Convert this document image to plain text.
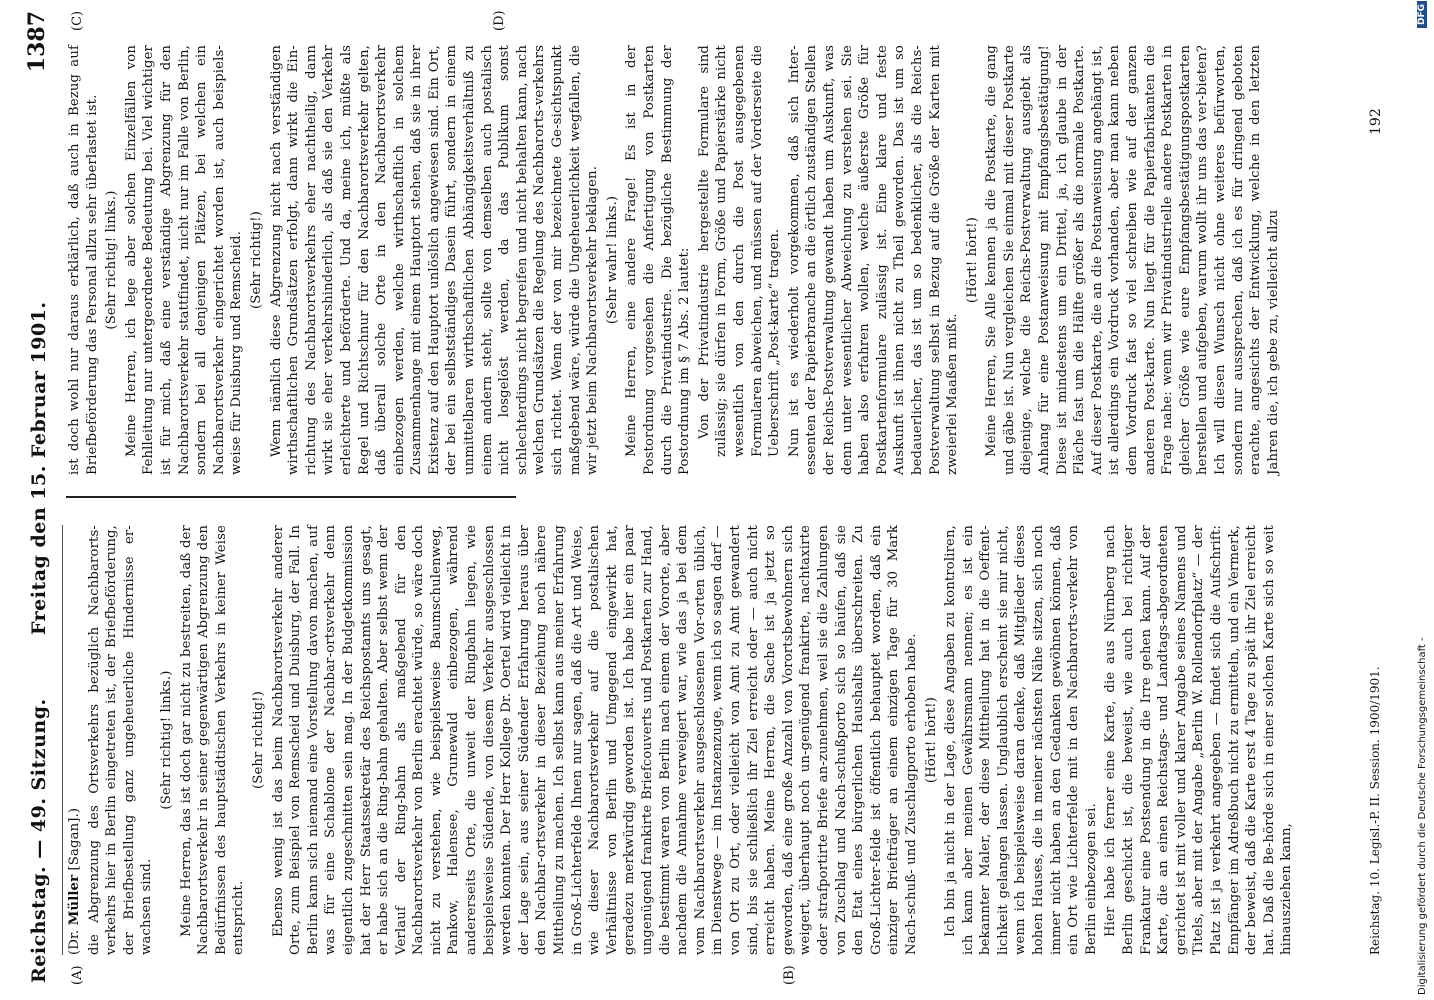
Reichstag. — 49. Sitzung.
Freitag den 15. Februar 1901.
1387
(A)	(B)
(C)	(D)

(Dr. Müller [Sagan].) die Abgrenzung des Ortsverkehrs bezüglich Nachbarorts-verkehrs hier in Berlin eingetreten ist, der Briefbeförderung, der Briefbestellung ganz ungeheuerliche Hindernisse er-wachsen sind.

(Sehr richtig! links.) Meine Herren, das ist doch gar nicht zu bestreiten, daß der Nachbarortsverkehr in seiner gegenwärtigen Abgrenzung den Bedürfnissen des hauptstädtischen Verkehrs in keiner Weise entspricht.

(Sehr richtig!) Ebenso wenig ist das beim Nachbarortsverkehr anderer Orte, zum Beispiel von Remscheid und Duisburg, der Fall. In Berlin kann sich niemand eine Vorstellung davon machen, auf was für eine Schablone der Nachbar-ortsverkehr denn eigentlich zugeschnitten sein mag. In der Budgetkommission hat der Herr Staatssekretär des Reichspostamts uns gesagt, er habe sich an die Ring-bahn gehalten. Aber selbst wenn der Verlauf der Ring-bahn als maßgebend für den Nachbarortsverkehr von Berlin erachtet würde, so wäre doch nicht zu verstehen, wie beispielsweise Baumschulenweg, Pankow, Halensee, Grunewald einbezogen, während andererseits Orte, die unweit der Ringbahn liegen, wie beispielsweise Südende, von diesem Verkehr ausgeschlossen werden konnten. Der Herr Kollege Dr. Oertel wird vielleicht in der Lage sein, aus seiner Südender Erfahrung heraus über den Nachbar-ortsverkehr in dieser Beziehung noch nähere Mittheilung zu machen. Ich selbst kann aus meiner Erfahrung in Groß-Lichterfelde Ihnen nur sagen, daß die Art und Weise, wie dieser Nachbarortsverkehr auf die postalischen Verhältnisse von Berlin und Umgegend eingewirkt hat, geradezu merkwürdig geworden ist. Ich habe hier ein paar ungenügend frankirte Briefcouverts und Postkarten zur Hand, die bestimmt waren von Berlin nach einem der Vororte, aber nachdem die Annahme verweigert war, wie das ja bei dem vom Nachbarortsverkehr ausgeschlossenen Vor-orten üblich, im Dienstwege — im Instanzenzuge, wenn ich so sagen darf — von Ort zu Ort, oder vielleicht von Amt zu Amt gewandert sind, bis sie schließlich ihr Ziel erreicht oder — auch nicht erreicht haben. Meine Herren, die Sache ist ja jetzt so geworden, daß eine große Anzahl von Vorortsbewohnern sich weigert, überhaupt noch un-genügend frankirte, nachtaxirte oder strafportirte Briefe an-zunehmen, weil sie die Zahlungen von Zuschlag und Nach-schußporto sich so häufen, daß sie den Etat eines bürgerlichen Haushalts überschreiten. Zu Groß-Lichter-felde ist öffentlich behauptet worden, daß ein einziger Briefträger an einem einzigen Tage für 30 Mark Nach-schuß- und Zuschlagporto erhoben habe. (Hört! hört!) Ich bin ja nicht in der Lage, diese Angaben zu kontroliren, ich kann aber meinen Gewährsmann nennen; es ist ein bekannter Maler, der diese Mittheilung hat in die Oeffent-lichkeit gelangen lassen. Unglaublich erscheint sie mir nicht, wenn ich beispielsweise daran denke, daß Mitglieder dieses hohen Hauses, die in meiner nächsten Nähe sitzen, sich noch immer nicht haben an den Gedanken gewöhnen können, daß ein Ort wie Lichterfelde mit in den Nachbarorts-verkehr von Berlin einbezogen sei. Hier habe ich ferner eine Karte, die aus Nürnberg nach Berlin geschickt ist, die beweist, wie auch bei richtiger Frankatur eine Postsendung in die Irre gehen kann. Auf der Karte, die an einen Reichstags- und Landtags-abgeordneten gerichtet ist mit voller und klarer Angabe seines Namens und Titels, aber mit der Angabe „Berlin W. Rollendorfplatz“ — der Platz ist ja verkehrt angegeben — findet sich die Aufschrift: Empfänger im Adreßbuch nicht zu ermitteln, und ein Vermerk, der beweist, daß die Karte erst 4 Tage zu spät ihr Ziel erreicht hat. Daß die Be-hörde sich in einer solchen Karte sich so weit hinausziehen kann,

ist doch wohl nur daraus erklärlich, daß auch in Bezug auf Briefbeförderung das Personal allzu sehr überlastet ist. (Sehr richtig! links.) Meine Herren, ich lege aber solchen Einzelfällen von Fehlleitung nur untergeordnete Bedeutung bei. Viel wichtiger ist für mich, daß eine verständige Abgrenzung für den Nachbarortsverkehr stattfindet, nicht nur im Falle von Berlin, sondern bei all denjenigen Plätzen, bei welchen ein Nachbarortsverkehr eingerichtet worden ist, auch beispiels-weise für Duisburg und Remscheid. (Sehr richtig!) Wenn nämlich diese Abgrenzung nicht nach verständigen wirthschaftlichen Grundsätzen erfolgt, dann wirkt die Ein-richtung des Nachbarortsverkehrs eher nachtheilig, dann wirkt sie eher verkehrshinderlich, als daß sie den Verkehr erleichterte und beförderte. Und da, meine ich, müßte als Regel und Richtschnur für den Nachbarortsverkehr gelten, daß überall solche Orte in den Nachbarortsverkehr einbezogen werden, welche wirthschaftlich in solchem Zusammenhange mit einem Hauptort stehen, daß sie in ihrer Existenz auf den Hauptort unlöslich angewiesen sind. Ein Ort, der bei ein selbstständiges Dasein führt, sondern in einem unmittelbaren wirthschaftlichen Abhängigkeitsverhältniß zu einem andern steht, sollte von demselben auch postalisch nicht losgelöst werden, da das Publikum sonst schlechterdings nicht begreifen und nicht behalten kann, nach welchen Grundsätzen die Regelung des Nachbarorts-verkehrs sich richtet. Wenn der von mir bezeichnete Ge-sichtspunkt maßgebend wäre, würde die Ungeheuerlichkeit wegfallen, die wir jetzt beim Nachbarortsverkehr beklagen. (Sehr wahr! links.) Meine Herren, eine andere Frage! Es ist in der Postordnung vorgesehen die Anfertigung von Postkarten durch die Privatindustrie. Die bezügliche Bestimmung der Postordnung im § 7 Abs. 2 lautet: Von der Privatindustrie hergestellte Formulare sind zulässig; sie dürfen in Form, Größe und Papierstärke nicht wesentlich von den durch die Post ausgegebenen Formularen abweichen, und müssen auf der Vorderseite die Ueberschrift „Post-karte“ tragen. Nun ist es wiederholt vorgekommen, daß sich Inter-essenten der Papierbranche an die örtlich zuständigen Stellen der Reichs-Postverwaltung gewandt haben um Auskunft, was denn unter wesentlicher Abweichung zu verstehen sei. Sie haben also erfahren wollen, welche äußerste Größe für Postkartenformulare zulässig ist. Eine klare und feste Auskunft ist ihnen nicht zu Theil geworden. Das ist um so bedauerlicher, das ist um so bedenklicher, als die Reichs-Postverwaltung selbst in Bezug auf die Größe der Karten mit zweierlei Maaßen mißt.

(Hört! hört!) Meine Herren, Sie Alle kennen ja die Postkarte, die gang und gäbe ist. Nun vergleichen Sie einmal mit dieser Postkarte diejenige, welche die Reichs-Postverwaltung ausgiebt als Anhang für eine Postanweisung mit Empfangsbestätigung! Diese ist mindestens um ein Drittel, ja, ich glaube in der Fläche fast um die Hälfte größer als die normale Postkarte. Auf dieser Postkarte, die an die Postanweisung angehängt ist, ist allerdings ein Vordruck vorhanden, aber man kann neben dem Vordruck fast so viel schreiben wie auf der ganzen anderen Post-karte. Nun liegt für die Papierfabrikanten die Frage nahe: wenn wir Privatindustrielle andere Postkarten in gleicher Größe wie eure Empfangsbestätigungspostkarten herstellen und aufgeben, warum wollt ihr uns das ver-bieten? Ich will diesen Wunsch nicht ohne weiteres befürworten, sondern nur aussprechen, daß ich es für dringend geboten erachte, angesichts der Entwicklung, welche in den letzten Jahren die, ich gebe zu, vielleicht allzu

Reichstag. 10. Legisl.-P. II. Session. 1900/1901.
192
Digitalisierung gefördert durch die Deutsche Forschungsgemeinschaft -
DFG
